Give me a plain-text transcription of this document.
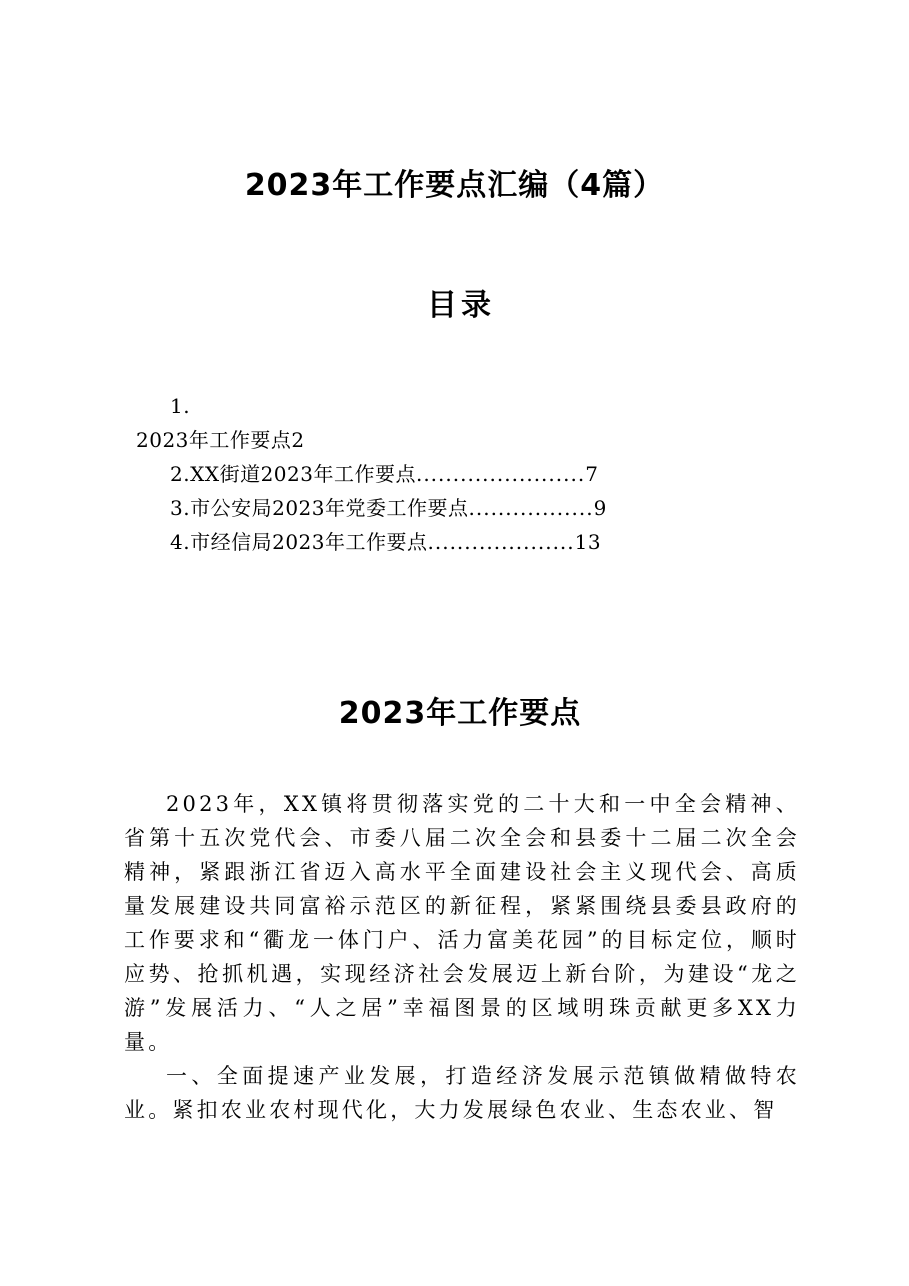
2023年工作要点汇编（4篇）
目录
1.
2023年工作要点2
2.XX街道2023年工作要点.......................7
3.市公安局2023年党委工作要点.................9
4.市经信局2023年工作要点....................13
2023年工作要点

2023年，XX镇将贯彻落实党的二十大和一中全会精神、省第十五次党代会、市委八届二次全会和县委十二届二次全会精神，紧跟浙江省迈入高水平全面建设社会主义现代会、高质量发展建设共同富裕示范区的新征程，紧紧围绕县委县政府的工作要求和“衢龙一体门户、活力富美花园”的目标定位，顺时应势、抢抓机遇，实现经济社会发展迈上新台阶，为建设“龙之游”发展活力、“人之居”幸福图景的区域明珠贡献更多XX力量。

一、全面提速产业发展，打造经济发展示范镇做精做特农业。紧扣农业农村现代化，大力发展绿色农业、生态农业、智
